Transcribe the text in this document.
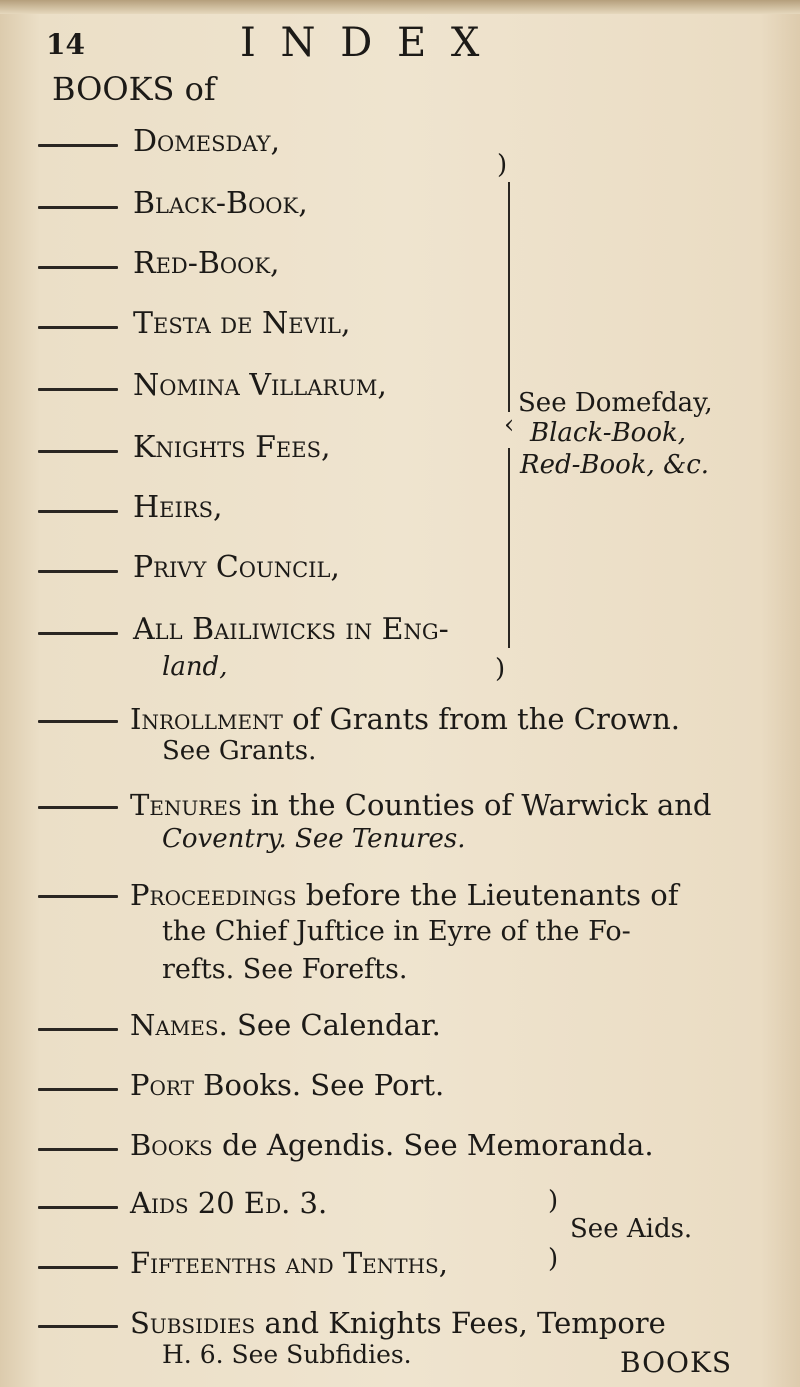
14	I N D E X
BOOKS of
Domesday,
Black-Book,
Red-Book,
Testa de Nevil,
Nomina Villarum,
Knights Fees,
Heirs,
Privy Council,
All Bailiwicks in Eng-
land,
)
‹
)
See Domefday,
Black-Book,
Red-Book, &c.
Inrollment of Grants from the Crown.
See Grants.
Tenures in the Counties of Warwick and
Coventry. See Tenures.
Proceedings before the Lieutenants of
the Chief Juftice in Eyre of the Fo-
refts. See Forefts.
Names. See Calendar.
Port Books. See Port.
Books de Agendis. See Memoranda.
Aids 20 Ed. 3.
Fifteenths and Tenths,
)
)
See Aids.
Subsidies and Knights Fees, Tempore
H. 6. See Subfidies.	BOOKS
